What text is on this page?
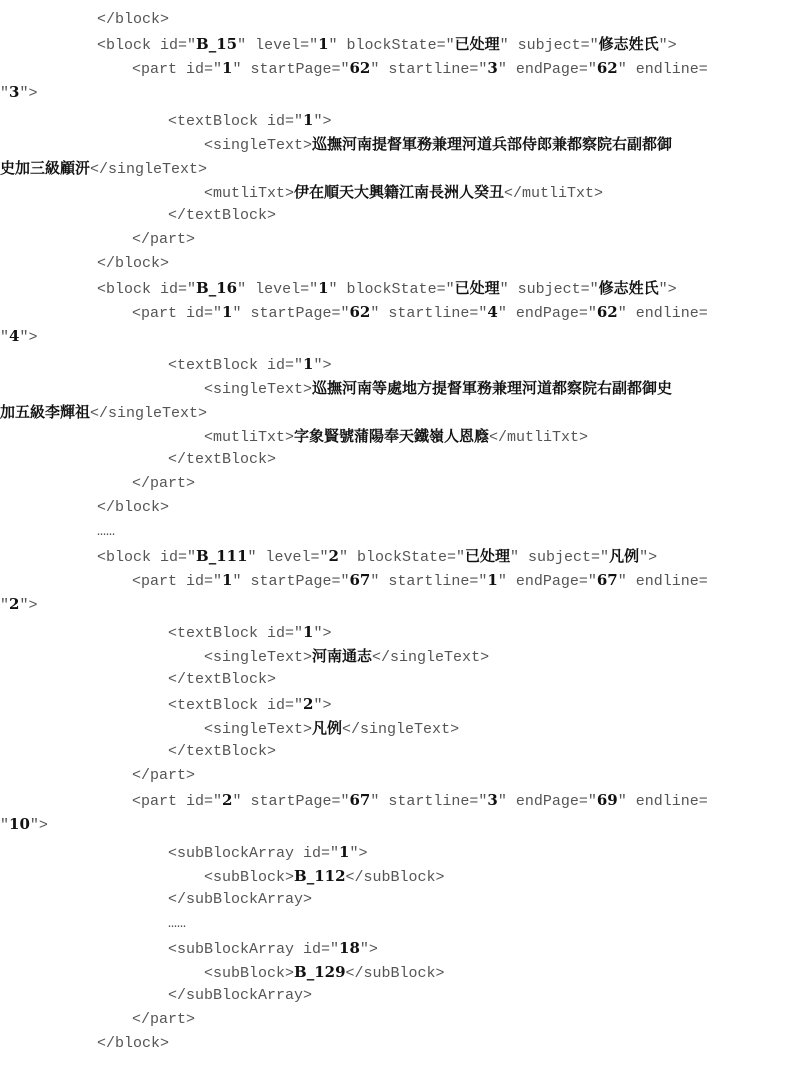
</block>
<block id="B_15" level="1" blockState="已处理" subject="修志姓氏">
<part id="1" startPage="62" startline="3" endPage="62" endline=
"3">
<textBlock id="1">
<singleText>巡撫河南提督軍務兼理河道兵部侍郎兼都察院右副都御
史加三級顧汧</singleText>
<mutliTxt>伊在順天大興籍江南長洲人癸丑</mutliTxt>
</textBlock>
</part>
</block>
<block id="B_16" level="1" blockState="已处理" subject="修志姓氏">
<part id="1" startPage="62" startline="4" endPage="62" endline=
"4">
<textBlock id="1">
<singleText>巡撫河南等處地方提督軍務兼理河道都察院右副都御史
加五級李輝祖</singleText>
<mutliTxt>字象賢號蒲陽奉天鐵嶺人恩廕</mutliTxt>
</textBlock>
</part>
</block>
……
<block id="B_111" level="2" blockState="已处理" subject="凡例">
<part id="1" startPage="67" startline="1" endPage="67" endline=
"2">
<textBlock id="1">
<singleText>河南通志</singleText>
</textBlock>
<textBlock id="2">
<singleText>凡例</singleText>
</textBlock>
</part>
<part id="2" startPage="67" startline="3" endPage="69" endline=
"10">
<subBlockArray id="1">
<subBlock>B_112</subBlock>
</subBlockArray>
……
<subBlockArray id="18">
<subBlock>B_129</subBlock>
</subBlockArray>
</part>
</block>
